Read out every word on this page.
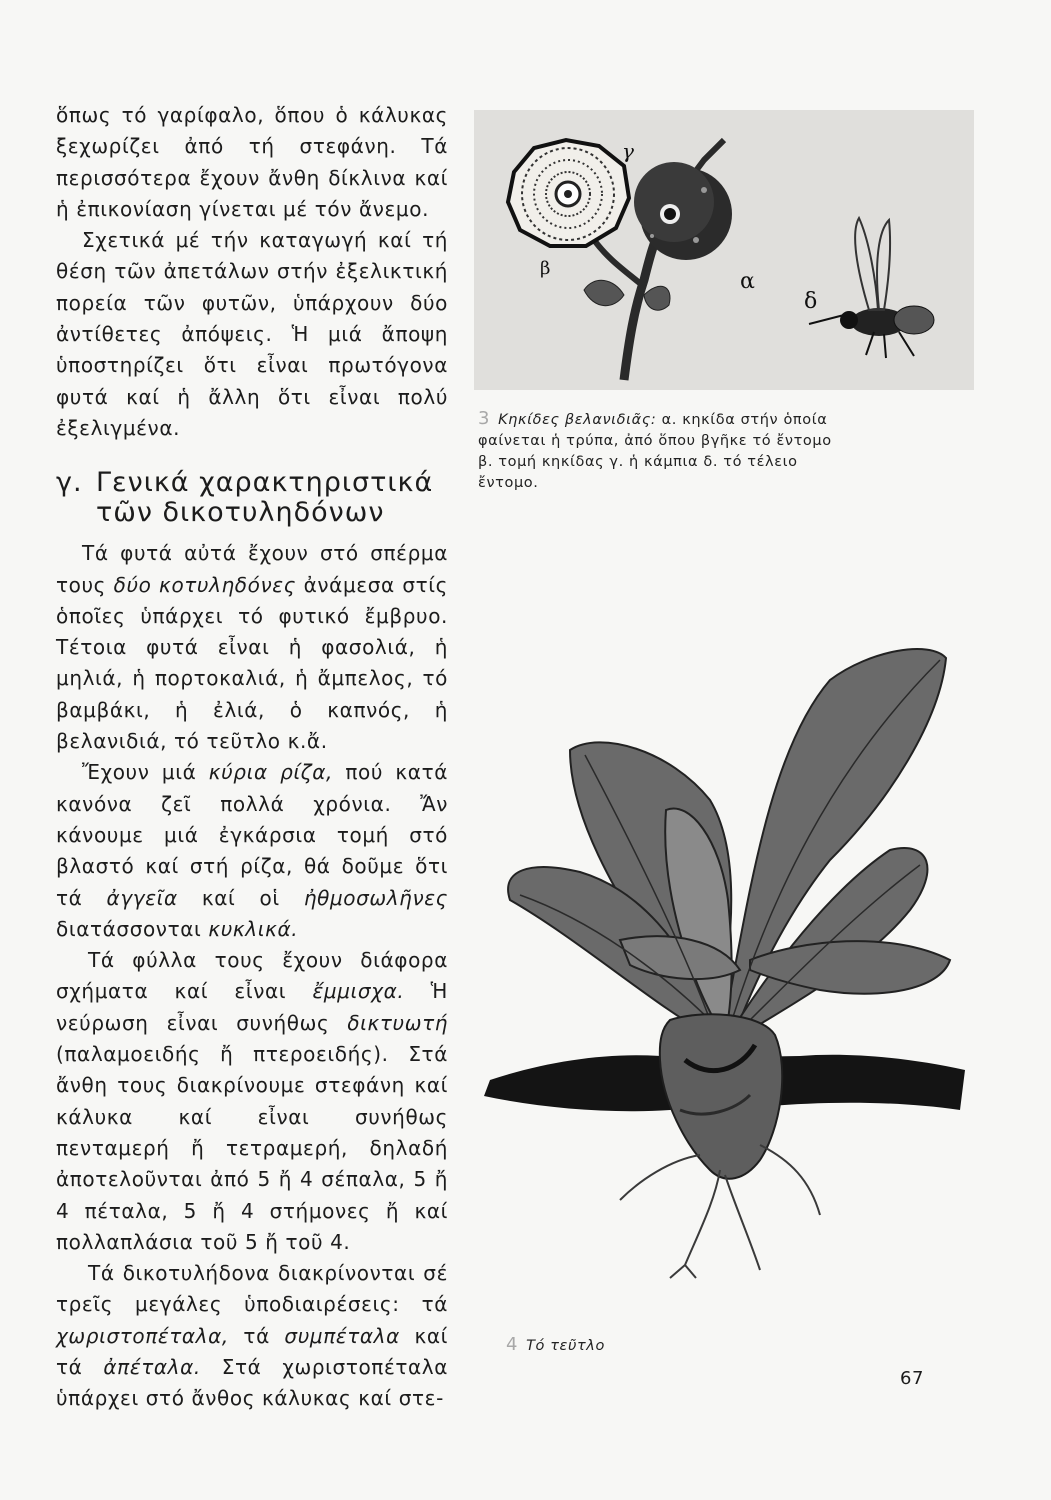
ὅπως τό γαρίφαλο, ὅπου ὁ κάλυκας ξεχωρίζει ἀπό τή στεφάνη. Τά περισσότερα ἔχουν ἄνθη δίκλινα καί ἡ ἐπικονίαση γίνεται μέ τόν ἄνεμο.

Σχετικά μέ τήν καταγωγή καί τή θέση τῶν ἀπετάλων στήν ἐξελικτική πορεία τῶν φυτῶν, ὑπάρχουν δύο ἀντίθετες ἀπόψεις. Ἡ μιά ἄποψη ὑποστηρίζει ὅτι εἶναι πρωτόγονα φυτά καί ἡ ἄλλη ὅτι εἶναι πολύ ἐξελιγμένα.

γ. Γενικά χαρακτηριστικά τῶν δικοτυληδόνων

Τά φυτά αὐτά ἔχουν στό σπέρμα τους δύο κοτυληδόνες ἀνάμεσα στίς ὁποῖες ὑπάρχει τό φυτικό ἔμβρυο. Τέτοια φυτά εἶναι ἡ φασολιά, ἡ μηλιά, ἡ πορτοκαλιά, ἡ ἄμπελος, τό βαμβάκι, ἡ ἐλιά, ὁ καπνός, ἡ βελανιδιά, τό τεῦτλο κ.ἄ.

Ἔχουν μιά κύρια ρίζα, πού κατά κανόνα ζεῖ πολλά χρόνια. Ἄν κάνουμε μιά ἐγκάρσια τομή στό βλαστό καί στή ρίζα, θά δοῦμε ὅτι τά ἀγγεῖα καί οἱ ἠθμοσωλῆνες διατάσσονται κυκλικά.

Τά φύλλα τους ἔχουν διάφορα σχήματα καί εἶναι ἔμμισχα. Ἡ νεύρωση εἶναι συνήθως δικτυωτή (παλαμοειδής ἤ πτεροειδής). Στά ἄνθη τους διακρίνουμε στεφάνη καί κάλυκα καί εἶναι συνήθως πενταμερή ἤ τετραμερή, δηλαδή ἀποτελοῦνται ἀπό 5 ἤ 4 σέπαλα, 5 ἤ 4 πέταλα, 5 ἤ 4 στήμονες ἤ καί πολλαπλάσια τοῦ 5 ἤ τοῦ 4.

Τά δικοτυλήδονα διακρίνονται σέ τρεῖς μεγάλες ὑποδιαιρέσεις: τά χωριστοπέταλα, τά συμπέταλα καί τά ἀπέταλα. Στά χωριστοπέταλα ὑπάρχει στό ἄνθος κάλυκας καί στε-

γ
β
α
δ
3 Κηκίδες βελανιδιᾶς: α. κηκίδα στήν ὁποία φαίνεται ἡ τρύπα, ἀπό ὅπου βγῆκε τό ἔντομο β. τομή κηκίδας γ. ἡ κάμπια δ. τό τέλειο ἔντομο.
4 Τό τεῦτλο
67
